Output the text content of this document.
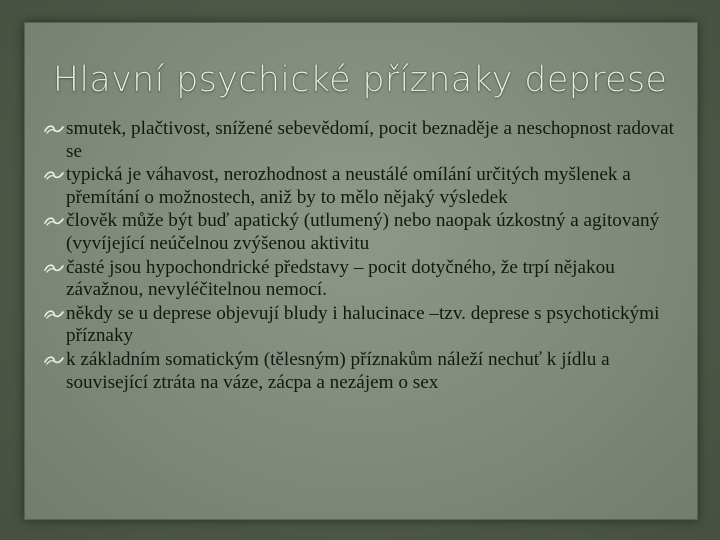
Hlavní psychické příznaky deprese
smutek, plačtivost, snížené sebevědomí, pocit beznaděje a neschopnost radovat se
typická je váhavost, nerozhodnost a neustálé omílání určitých myšlenek a přemítání o možnostech, aniž by to mělo nějaký výsledek
člověk může být buď apatický (utlumený) nebo naopak úzkostný a agitovaný (vyvíjející neúčelnou zvýšenou aktivitu
časté jsou hypochondrické představy – pocit dotyčného, že trpí nějakou závažnou, nevyléčitelnou nemocí.
někdy se u deprese objevují bludy i halucinace –tzv. deprese s psychotickými příznaky
k základním somatickým (tělesným) příznakům náleží nechuť k jídlu a související ztráta na váze, zácpa a nezájem o sex
